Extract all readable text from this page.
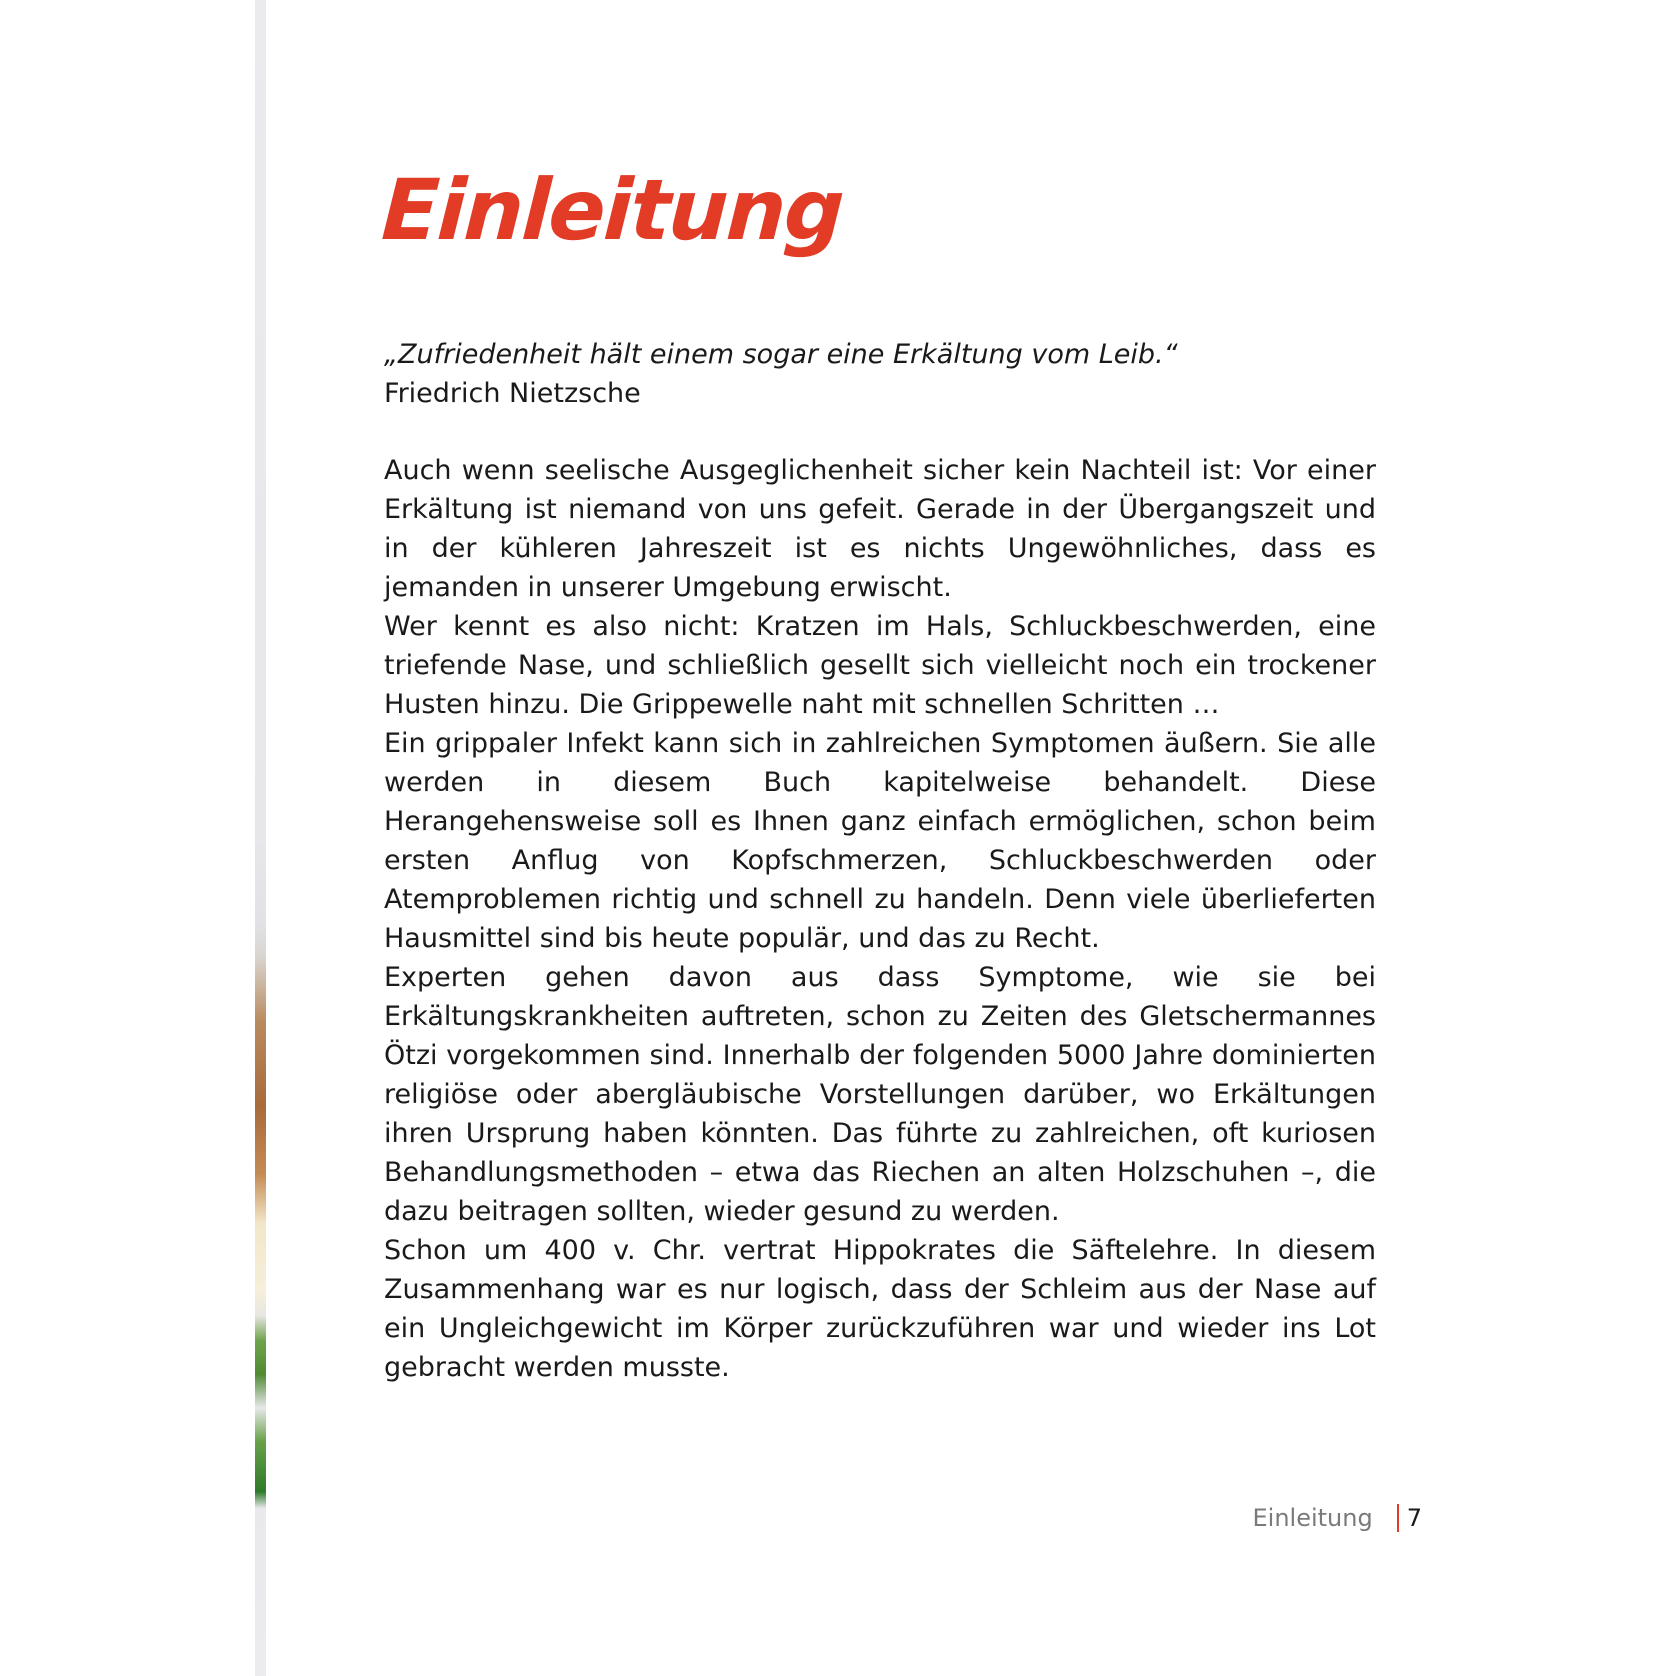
Einleitung
„Zufriedenheit hält einem sogar eine Erkältung vom Leib.“
Friedrich Nietzsche

Auch wenn seelische Ausgeglichenheit sicher kein Nachteil ist: Vor einer Erkältung ist niemand von uns gefeit. Gerade in der Übergangszeit und in der kühleren Jahreszeit ist es nichts Ungewöhnliches, dass es jemanden in unserer Umgebung erwischt.

Wer kennt es also nicht: Kratzen im Hals, Schluckbeschwerden, eine triefende Nase, und schließlich gesellt sich vielleicht noch ein trockener Husten hinzu. Die Grippewelle naht mit schnellen Schritten …

Ein grippaler Infekt kann sich in zahlreichen Symptomen äußern. Sie alle werden in diesem Buch kapitelweise behandelt. Diese Herangehensweise soll es Ihnen ganz einfach ermöglichen, schon beim ersten Anflug von Kopfschmerzen, Schluckbeschwerden oder Atemproblemen richtig und schnell zu handeln. Denn viele überlieferten Hausmittel sind bis heute populär, und das zu Recht.

Experten gehen davon aus dass Symptome, wie sie bei Erkältungskrankheiten auftreten, schon zu Zeiten des Gletschermannes Ötzi vorgekommen sind. Innerhalb der folgenden 5000 Jahre dominierten religiöse oder abergläubische Vorstellungen darüber, wo Erkältungen ihren Ursprung haben könnten. Das führte zu zahlreichen, oft kuriosen Behandlungsmethoden – etwa das Riechen an alten Holzschuhen –, die dazu beitragen sollten, wieder gesund zu werden.

Schon um 400 v. Chr. vertrat Hippokrates die Säftelehre. In diesem Zusammenhang war es nur logisch, dass der Schleim aus der Nase auf ein Ungleichgewicht im Körper zurückzuführen war und wieder ins Lot gebracht werden musste.

Einleitung	7
